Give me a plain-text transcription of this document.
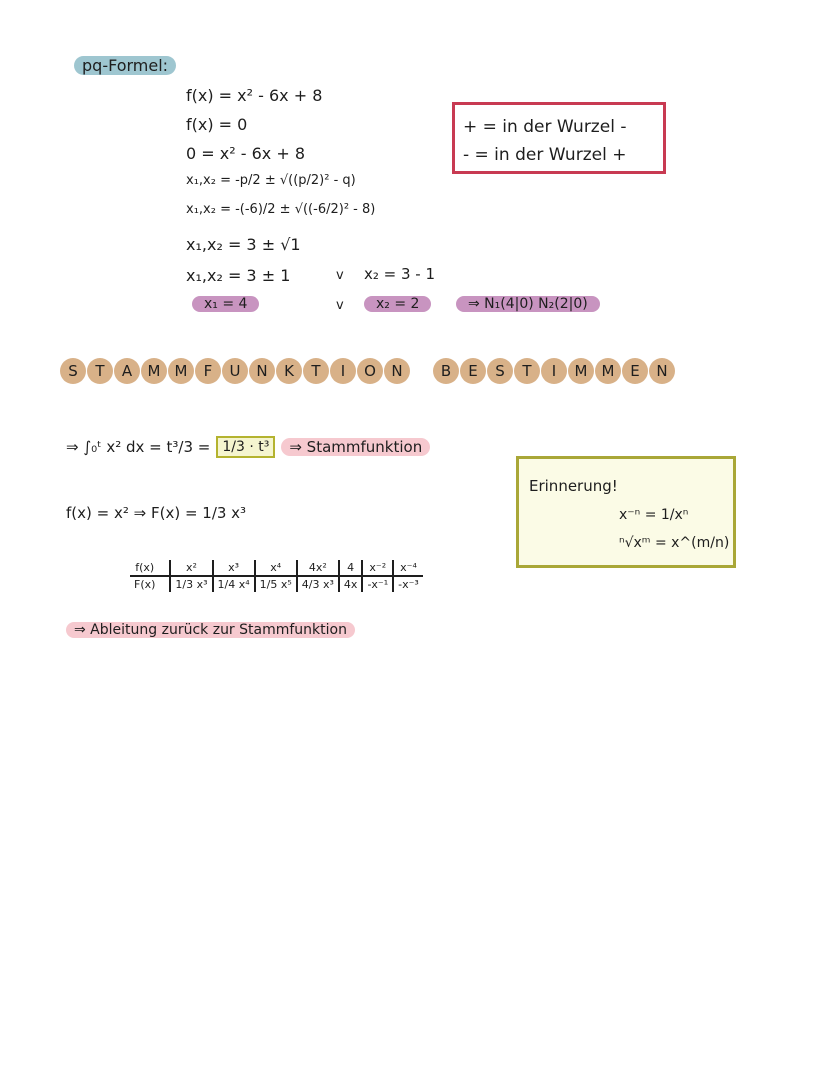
pq-Formel:
f(x) = x² - 6x + 8
f(x) = 0
0 = x² - 6x + 8
x₁,x₂ = -p/2 ± √((p/2)² - q)
x₁,x₂ = -(-6)/2 ± √((-6/2)² - 8)
x₁,x₂ = 3 ± √1
x₁,x₂ = 3 ± 1	v x₂ = 3 - 1
x₁ = 4	v	x₂ = 2	⇒ N₁(4|0) N₂(2|0)
+ = in der Wurzel -
- = in der Wurzel +
S	T	A	M M	F	U	N	K	T	I	O	N	B	E	S	T	I	M M	E	N
⇒ ∫₀ᵗ x² dx = t³/3 = 1/3 · t³	⇒ Stammfunktion
f(x) = x² ⇒ F(x) = 1/3 x³
f(x)	x²	x³	x⁴	4x²	4	x⁻²	x⁻⁴
F(x)	1/3 x³	1/4 x⁴	1/5 x⁵	4/3 x³	4x	-x⁻¹	-x⁻³
⇒ Ableitung zurück zur Stammfunktion
Erinnerung!
x⁻ⁿ = 1/xⁿ
ⁿ√xᵐ = x^(m/n)
